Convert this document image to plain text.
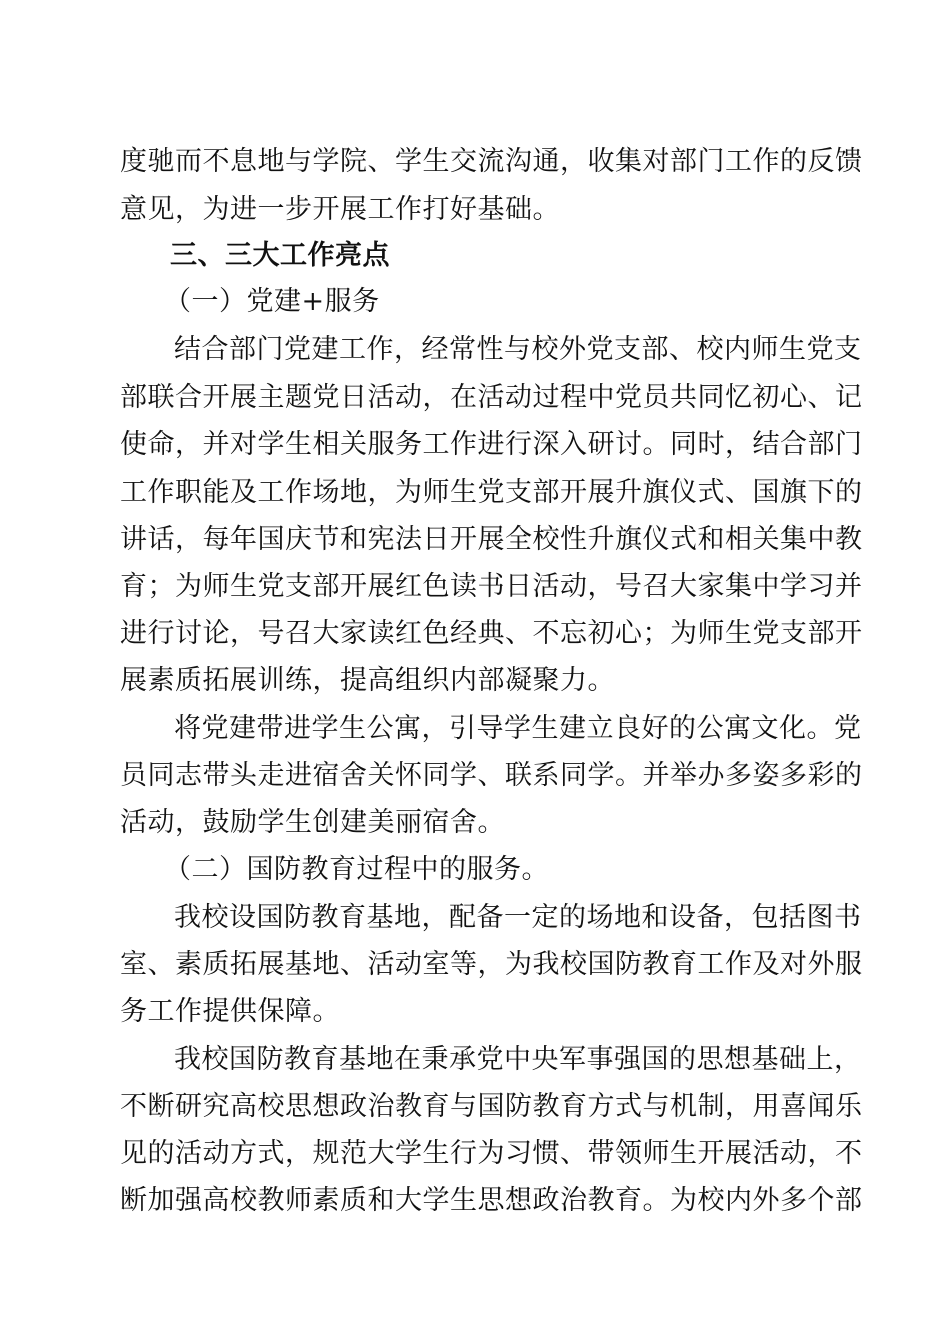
度驰而不息地与学院、学生交流沟通，收集对部门工作的反馈
意见，为进一步开展工作打好基础。
三、三大工作亮点
（一）党建+服务
结合部门党建工作，经常性与校外党支部、校内师生党支
部联合开展主题党日活动，在活动过程中党员共同忆初心、记
使命，并对学生相关服务工作进行深入研讨。同时，结合部门
工作职能及工作场地，为师生党支部开展升旗仪式、国旗下的
讲话，每年国庆节和宪法日开展全校性升旗仪式和相关集中教
育；为师生党支部开展红色读书日活动，号召大家集中学习并
进行讨论，号召大家读红色经典、不忘初心；为师生党支部开
展素质拓展训练，提高组织内部凝聚力。
将党建带进学生公寓，引导学生建立良好的公寓文化。党
员同志带头走进宿舍关怀同学、联系同学。并举办多姿多彩的
活动，鼓励学生创建美丽宿舍。
（二）国防教育过程中的服务。
我校设国防教育基地，配备一定的场地和设备，包括图书
室、素质拓展基地、活动室等，为我校国防教育工作及对外服
务工作提供保障。
我校国防教育基地在秉承党中央军事强国的思想基础上，
不断研究高校思想政治教育与国防教育方式与机制，用喜闻乐
见的活动方式，规范大学生行为习惯、带领师生开展活动，不
断加强高校教师素质和大学生思想政治教育。为校内外多个部
